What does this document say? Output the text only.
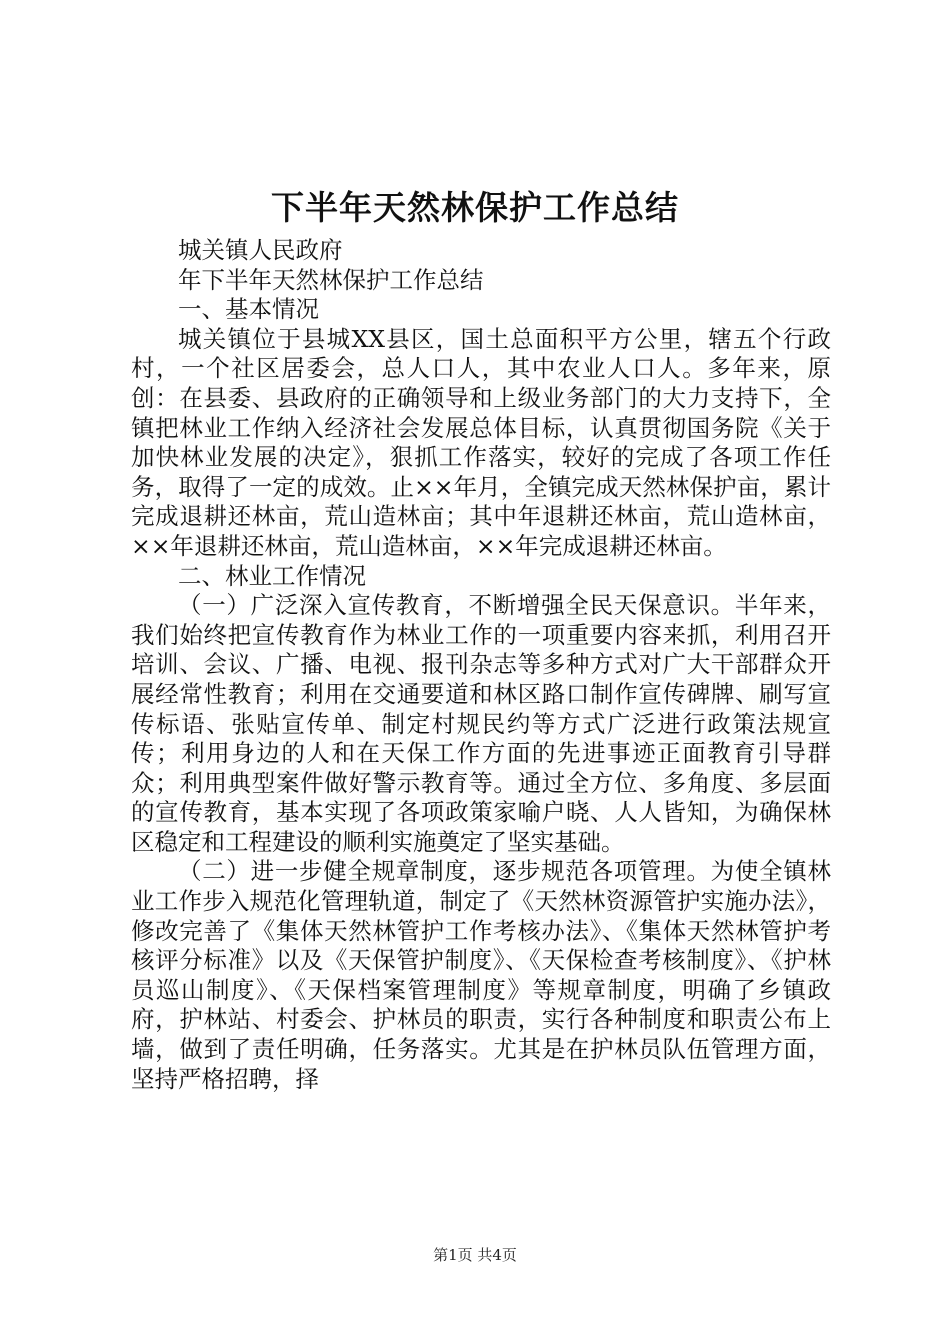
下半年天然林保护工作总结

城关镇人民政府

年下半年天然林保护工作总结

一、基本情况

城关镇位于县城XX县区，国土总面积平方公里，辖五个行政村，一个社区居委会，总人口人，其中农业人口人。多年来，原创：在县委、县政府的正确领导和上级业务部门的大力支持下，全镇把林业工作纳入经济社会发展总体目标，认真贯彻国务院《关于加快林业发展的决定》，狠抓工作落实，较好的完成了各项工作任务，取得了一定的成效。止××年月，全镇完成天然林保护亩，累计完成退耕还林亩，荒山造林亩；其中年退耕还林亩，荒山造林亩，××年退耕还林亩，荒山造林亩，××年完成退耕还林亩。

二、林业工作情况

（一）广泛深入宣传教育，不断增强全民天保意识。半年来，我们始终把宣传教育作为林业工作的一项重要内容来抓，利用召开培训、会议、广播、电视、报刊杂志等多种方式对广大干部群众开展经常性教育；利用在交通要道和林区路口制作宣传碑牌、刷写宣传标语、张贴宣传单、制定村规民约等方式广泛进行政策法规宣传；利用身边的人和在天保工作方面的先进事迹正面教育引导群众；利用典型案件做好警示教育等。通过全方位、多角度、多层面的宣传教育，基本实现了各项政策家喻户晓、人人皆知，为确保林区稳定和工程建设的顺利实施奠定了坚实基础。

（二）进一步健全规章制度，逐步规范各项管理。为使全镇林业工作步入规范化管理轨道，制定了《天然林资源管护实施办法》，修改完善了《集体天然林管护工作考核办法》、《集体天然林管护考核评分标准》以及《天保管护制度》、《天保检查考核制度》、《护林员巡山制度》、《天保档案管理制度》等规章制度，明确了乡镇政府，护林站、村委会、护林员的职责，实行各种制度和职责公布上墙，做到了责任明确，任务落实。尤其是在护林员队伍管理方面，坚持严格招聘，择

第1页 共4页
